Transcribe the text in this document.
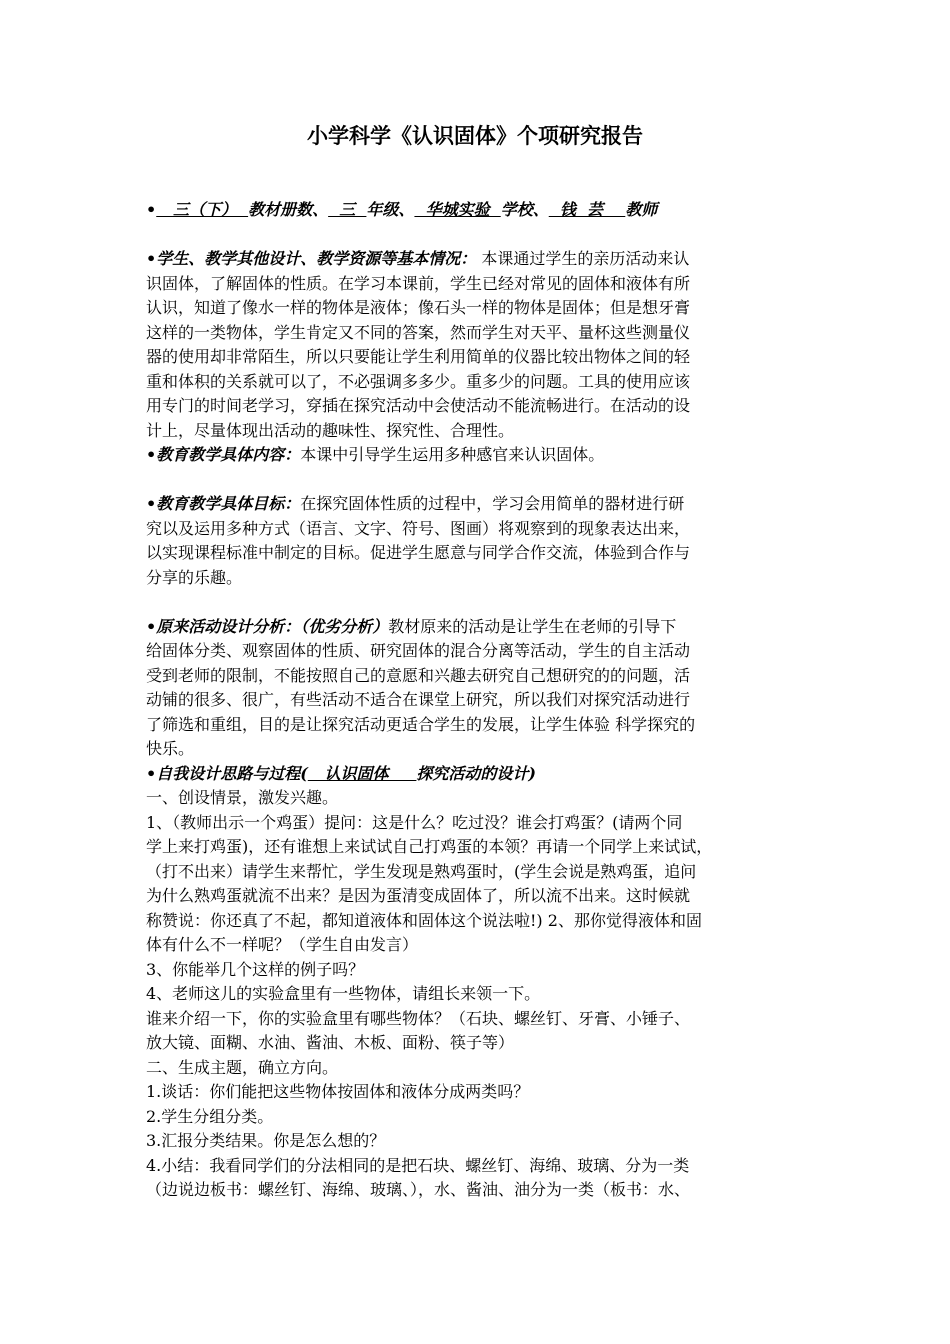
小学科学《认识固体》个项研究报告
•   三（下）  教材册数、  三  年级、  华城实验  学校、  钱  芸    教师
•学生、教学其他设计、教学资源等基本情况： 本课通过学生的亲历活动来认
识固体，了解固体的性质。在学习本课前，学生已经对常见的固体和液体有所
认识，知道了像水一样的物体是液体；像石头一样的物体是固体；但是想牙膏
这样的一类物体，学生肯定又不同的答案，然而学生对天平、量杯这些测量仪
器的使用却非常陌生，所以只要能让学生利用简单的仪器比较出物体之间的轻
重和体积的关系就可以了，不必强调多多少。重多少的问题。工具的使用应该
用专门的时间老学习，穿插在探究活动中会使活动不能流畅进行。在活动的设
计上，尽量体现出活动的趣味性、探究性、合理性。
•教育教学具体内容：本课中引导学生运用多种感官来认识固体。
•教育教学具体目标：在探究固体性质的过程中，学习会用简单的器材进行研
究以及运用多种方式（语言、文字、符号、图画）将观察到的现象表达出来，
以实现课程标准中制定的目标。促进学生愿意与同学合作交流，体验到合作与
分享的乐趣。
•原来活动设计分析：（优劣分析）教材原来的活动是让学生在老师的引导下
给固体分类、观察固体的性质、研究固体的混合分离等活动，学生的自主活动
受到老师的限制，不能按照自己的意愿和兴趣去研究自己想研究的的问题，活
动铺的很多、很广，有些活动不适合在课堂上研究，所以我们对探究活动进行
了筛选和重组，目的是让探究活动更适合学生的发展，让学生体验 科学探究的
快乐。
•自我设计思路与过程(   认识固体     探究活动的设计)
一、创设情景，激发兴趣。
1、（教师出示一个鸡蛋）提问：这是什么？吃过没？谁会打鸡蛋？(请两个同
学上来打鸡蛋)，还有谁想上来试试自己打鸡蛋的本领？再请一个同学上来试试，
（打不出来）请学生来帮忙，学生发现是熟鸡蛋时，(学生会说是熟鸡蛋，追问
为什么熟鸡蛋就流不出来？是因为蛋清变成固体了，所以流不出来。这时候就
称赞说：你还真了不起，都知道液体和固体这个说法啦!) 2、那你觉得液体和固
体有什么不一样呢？（学生自由发言）
3、你能举几个这样的例子吗？
4、老师这儿的实验盒里有一些物体，请组长来领一下。
谁来介绍一下，你的实验盒里有哪些物体？（石块、螺丝钉、牙膏、小锤子、
放大镜、面糊、水油、酱油、木板、面粉、筷子等）
二、生成主题，确立方向。
1.谈话：你们能把这些物体按固体和液体分成两类吗？
2.学生分组分类。
3.汇报分类结果。你是怎么想的？
4.小结：我看同学们的分法相同的是把石块、螺丝钉、海绵、玻璃、分为一类
（边说边板书：螺丝钉、海绵、玻璃、），水、酱油、油分为一类（板书：水、
